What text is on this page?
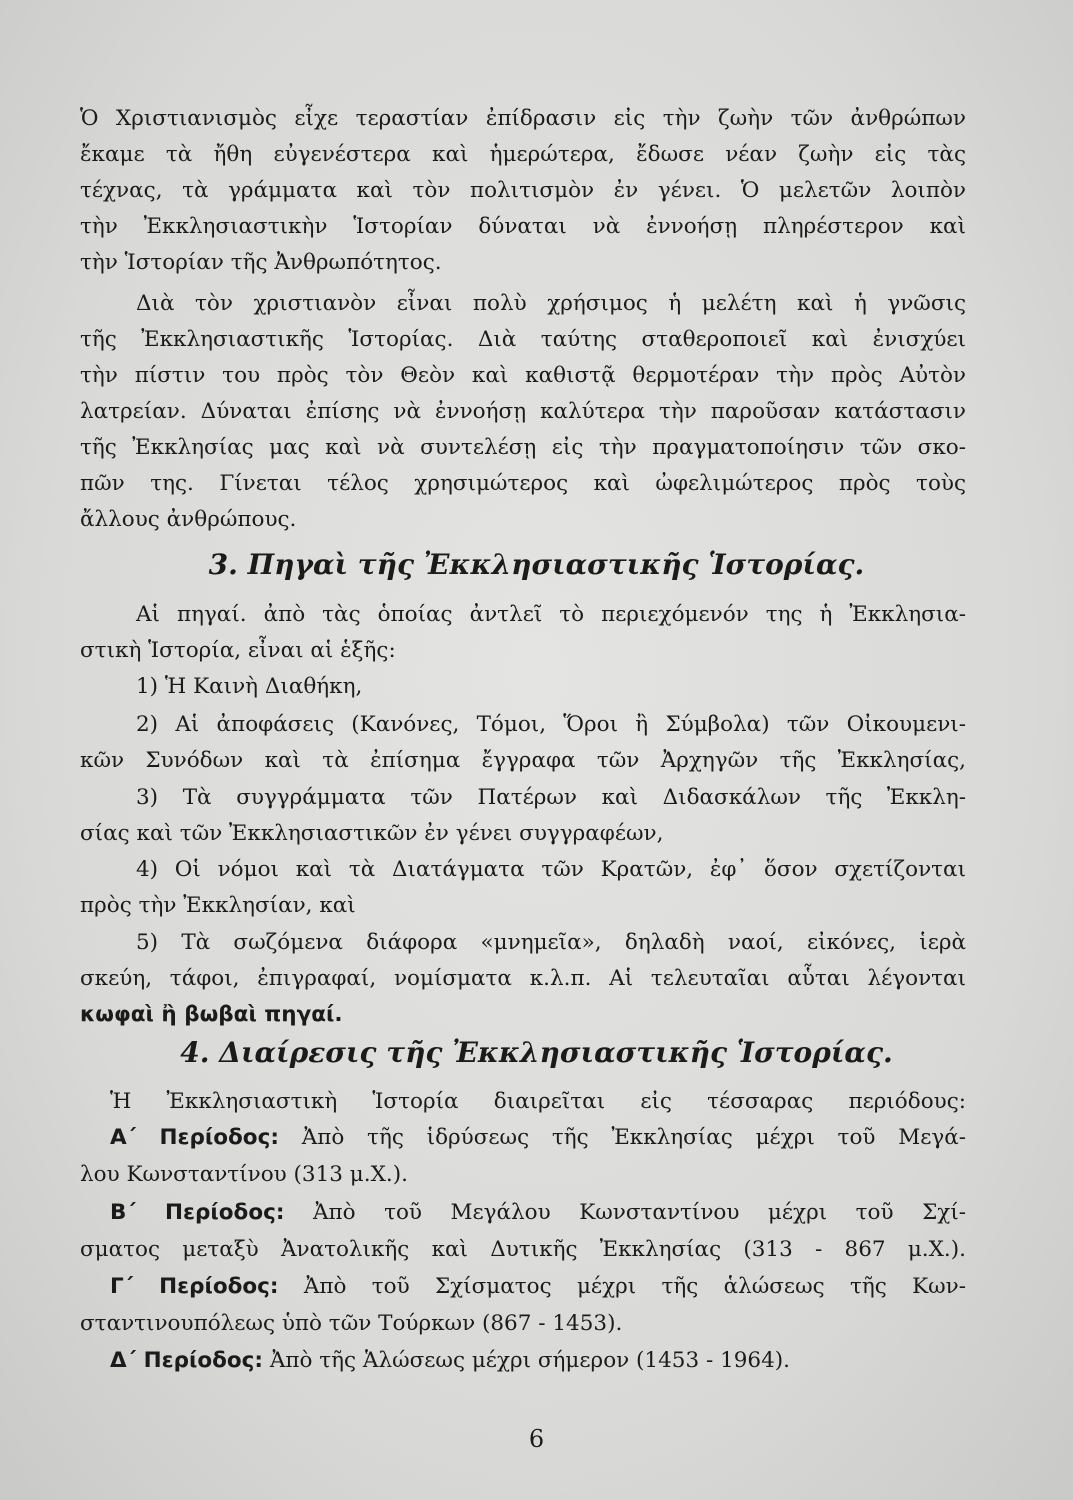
3. Πηγαὶ τῆς Ἐκκλησιαστικῆς Ἱστορίας.
4. Διαίρεσις τῆς Ἐκκλησιαστικῆς Ἱστορίας.
6
Ὁ Χριστιανισμὸς εἶχε τεραστίαν ἐπίδρασιν εἰς τὴν ζωὴν τῶν ἀνθρώπων
ἔκαμε τὰ ἤθη εὐγενέστερα καὶ ἡμερώτερα, ἔδωσε νέαν ζωὴν εἰς τὰς
τέχνας, τὰ γράμματα καὶ τὸν πολιτισμὸν ἐν γένει. Ὁ μελετῶν λοιπὸν
τὴν Ἐκκλησιαστικὴν Ἱστορίαν δύναται νὰ ἐννοήσῃ πληρέστερον καὶ
τὴν Ἱστορίαν τῆς Ἀνθρωπότητος.
Διὰ τὸν χριστιανὸν εἶναι πολὺ χρήσιμος ἡ μελέτη καὶ ἡ γνῶσις
τῆς Ἐκκλησιαστικῆς Ἱστορίας. Διὰ ταύτης σταθεροποιεῖ καὶ ἐνισχύει
τὴν πίστιν του πρὸς τὸν Θεὸν καὶ καθιστᾷ θερμοτέραν τὴν πρὸς Αὐτὸν
λατρείαν. Δύναται ἐπίσης νὰ ἐννοήσῃ καλύτερα τὴν παροῦσαν κατάστασιν
τῆς Ἐκκλησίας μας καὶ νὰ συντελέσῃ εἰς τὴν πραγματοποίησιν τῶν σκο-
πῶν της. Γίνεται τέλος χρησιμώτερος καὶ ὠφελιμώτερος πρὸς τοὺς
ἄλλους ἀνθρώπους.
Αἱ πηγαί. ἀπὸ τὰς ὁποίας ἀντλεῖ τὸ περιεχόμενόν της ἡ Ἐκκλησια-
στικὴ Ἱστορία, εἶναι αἱ ἑξῆς:
1) Ἡ Καινὴ Διαθήκη,
2) Αἱ ἀποφάσεις (Κανόνες, Τόμοι, Ὅροι ἢ Σύμβολα) τῶν Οἰκουμενι-
κῶν Συνόδων καὶ τὰ ἐπίσημα ἔγγραφα τῶν Ἀρχηγῶν τῆς Ἐκκλησίας,
3) Τὰ συγγράμματα τῶν Πατέρων καὶ Διδασκάλων τῆς Ἐκκλη-
σίας καὶ τῶν Ἐκκλησιαστικῶν ἐν γένει συγγραφέων,
4) Οἱ νόμοι καὶ τὰ Διατάγματα τῶν Κρατῶν, ἐφ᾿ ὅσον σχετίζονται
πρὸς τὴν Ἐκκλησίαν, καὶ
5) Τὰ σωζόμενα διάφορα «μνημεῖα», δηλαδὴ ναοί, εἰκόνες, ἱερὰ
σκεύη, τάφοι, ἐπιγραφαί, νομίσματα κ.λ.π. Αἱ τελευταῖαι αὗται λέγονται
κωφαὶ ἢ βωβαὶ πηγαί.
Ἡ Ἐκκλησιαστικὴ Ἱστορία διαιρεῖται εἰς τέσσαρας περιόδους:
Α΄ Περίοδος: Ἀπὸ τῆς ἱδρύσεως τῆς Ἐκκλησίας μέχρι τοῦ Μεγά-
λου Κωνσταντίνου (313 μ.Χ.).
Β΄ Περίοδος: Ἀπὸ τοῦ Μεγάλου Κωνσταντίνου μέχρι τοῦ Σχί-
σματος μεταξὺ Ἀνατολικῆς καὶ Δυτικῆς Ἐκκλησίας (313 - 867 μ.Χ.).
Γ΄ Περίοδος: Ἀπὸ τοῦ Σχίσματος μέχρι τῆς ἁλώσεως τῆς Κων-
σταντινουπόλεως ὑπὸ τῶν Τούρκων (867 - 1453).
Δ΄ Περίοδος: Ἀπὸ τῆς Ἁλώσεως μέχρι σήμερον (1453 - 1964).
